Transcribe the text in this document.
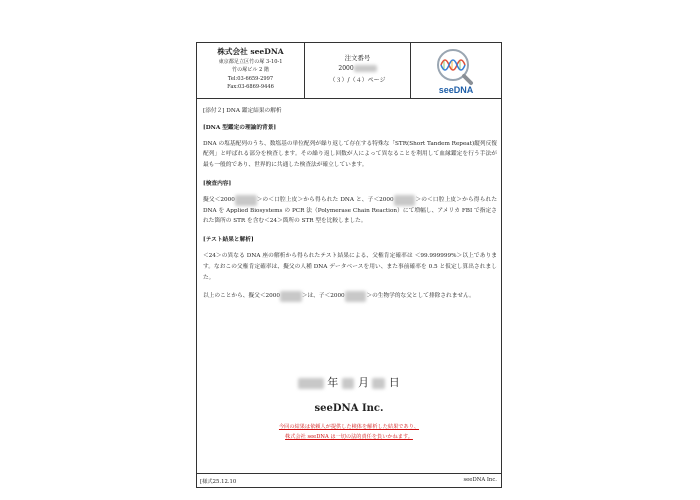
株式会社 seeDNA
東京都足立区竹の塚 3-10-1
竹の塚ビル 2 階
Tel:03-6659-2997
Fax:03-6869-9446
注文番号
2000
（３）/（４）ページ
seeDNA

[添付２] DNA 鑑定結果の解析

[DNA 型鑑定の理論的背景]

DNA の塩基配列のうち、数塩基の単位配列が繰り返して存在する特殊な「STR(Short Tandem Repeat)縦列反復配列」と呼ばれる部分を検査します。その繰り返し回数が人によって異なることを利用して血縁鑑定を行う手法が最も一般的であり、世界的に共通した検査法が確立しています。

[検査内容]

擬父＜2000	＞の＜口腔上皮＞から得られた DNA と、子＜2000	＞の＜口腔上皮＞から得られた DNA を Applied Biosystems の PCR 法（Polymerase Chain Reaction）にて増幅し、アメリカ FBI で指定された箇所の STR を含む＜24＞箇所の STR 型を比較しました。

[テスト結果と解析]

＜24＞の異なる DNA 座の解析から得られたテスト結果による、父権肯定確率は ＜99.999999%＞以上であります。なおこの父権肯定確率は、擬父の人種 DNA データベースを用い、また事前確率を 0.5 と仮定し算出されました。

以上のことから、擬父＜2000	＞は、子＜2000	＞の生物学的な父として排除されません。

年 月 日
seeDNA Inc.
今回の結果は依頼人が提供した検体を解析した結果であり、
株式会社 seeDNA は一切の法的責任を負いかねます。
[様式25.12.10	seeDNA Inc.
